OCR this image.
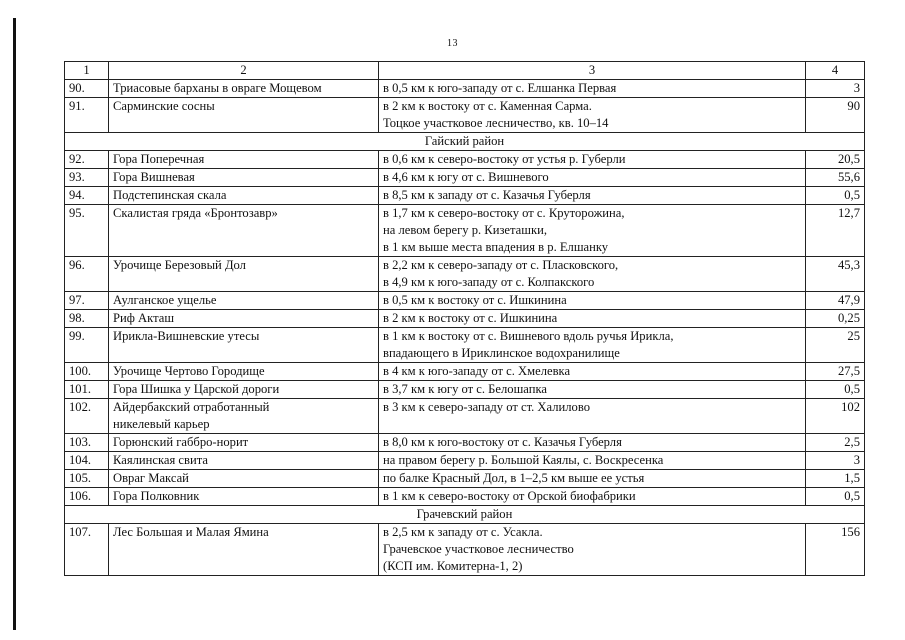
13
1	2	3	4
90.	Триасовые барханы в овраге Мощевом	в 0,5 км к юго-западу от с. Елшанка Первая	3
91.	Сарминские сосны	в 2 км к востоку от с. Каменная Сарма.
Тоцкое участковое лесничество, кв. 10–14	90
Гайский район			
92.	Гора Поперечная	в 0,6 км к северо-востоку от устья р. Губерли	20,5
93.	Гора Вишневая	в 4,6 км к югу от с. Вишневого	55,6
94.	Подстепинская скала	в 8,5 км к западу от с. Казачья Губерля	0,5
95.	Скалистая гряда «Бронтозавр»	в 1,7 км к северо-востоку от с. Круторожина,
на левом берегу р. Кизеташки,
в 1 км выше места впадения в р. Елшанку	12,7
96.	Урочище Березовый Дол	в 2,2 км к северо-западу от с. Пласковского,
в 4,9 км к юго-западу от с. Колпакского	45,3
97.	Аулганское ущелье	в 0,5 км к востоку от с. Ишкинина	47,9
98.	Риф Акташ	в 2 км к востоку от с. Ишкинина	0,25
99.	Ирикла-Вишневские утесы	в 1 км к востоку от с. Вишневого вдоль ручья Ирикла,
впадающего в Ириклинское водохранилище	25
100.	Урочище Чертово Городище	в 4 км к юго-западу от с. Хмелевка	27,5
101.	Гора Шишка у Царской дороги	в 3,7 км к югу от с. Белошапка	0,5
102.	Айдербакский отработанный
никелевый карьер	в 3 км к северо-западу от ст. Халилово	102
103.	Горюнский габбро-норит	в 8,0 км к юго-востоку от с. Казачья Губерля	2,5
104.	Каялинская свита	на правом берегу р. Большой Каялы, с. Воскресенка	3
105.	Овраг Максай	по балке Красный Дол, в 1–2,5 км выше ее устья	1,5
106.	Гора Полковник	в 1 км к северо-востоку от Орской биофабрики	0,5
Грачевский район			
107.	Лес Большая и Малая Ямина	в 2,5 км к западу от с. Усакла.
Грачевское участковое лесничество
(КСП им. Комитерна-1, 2)	156
